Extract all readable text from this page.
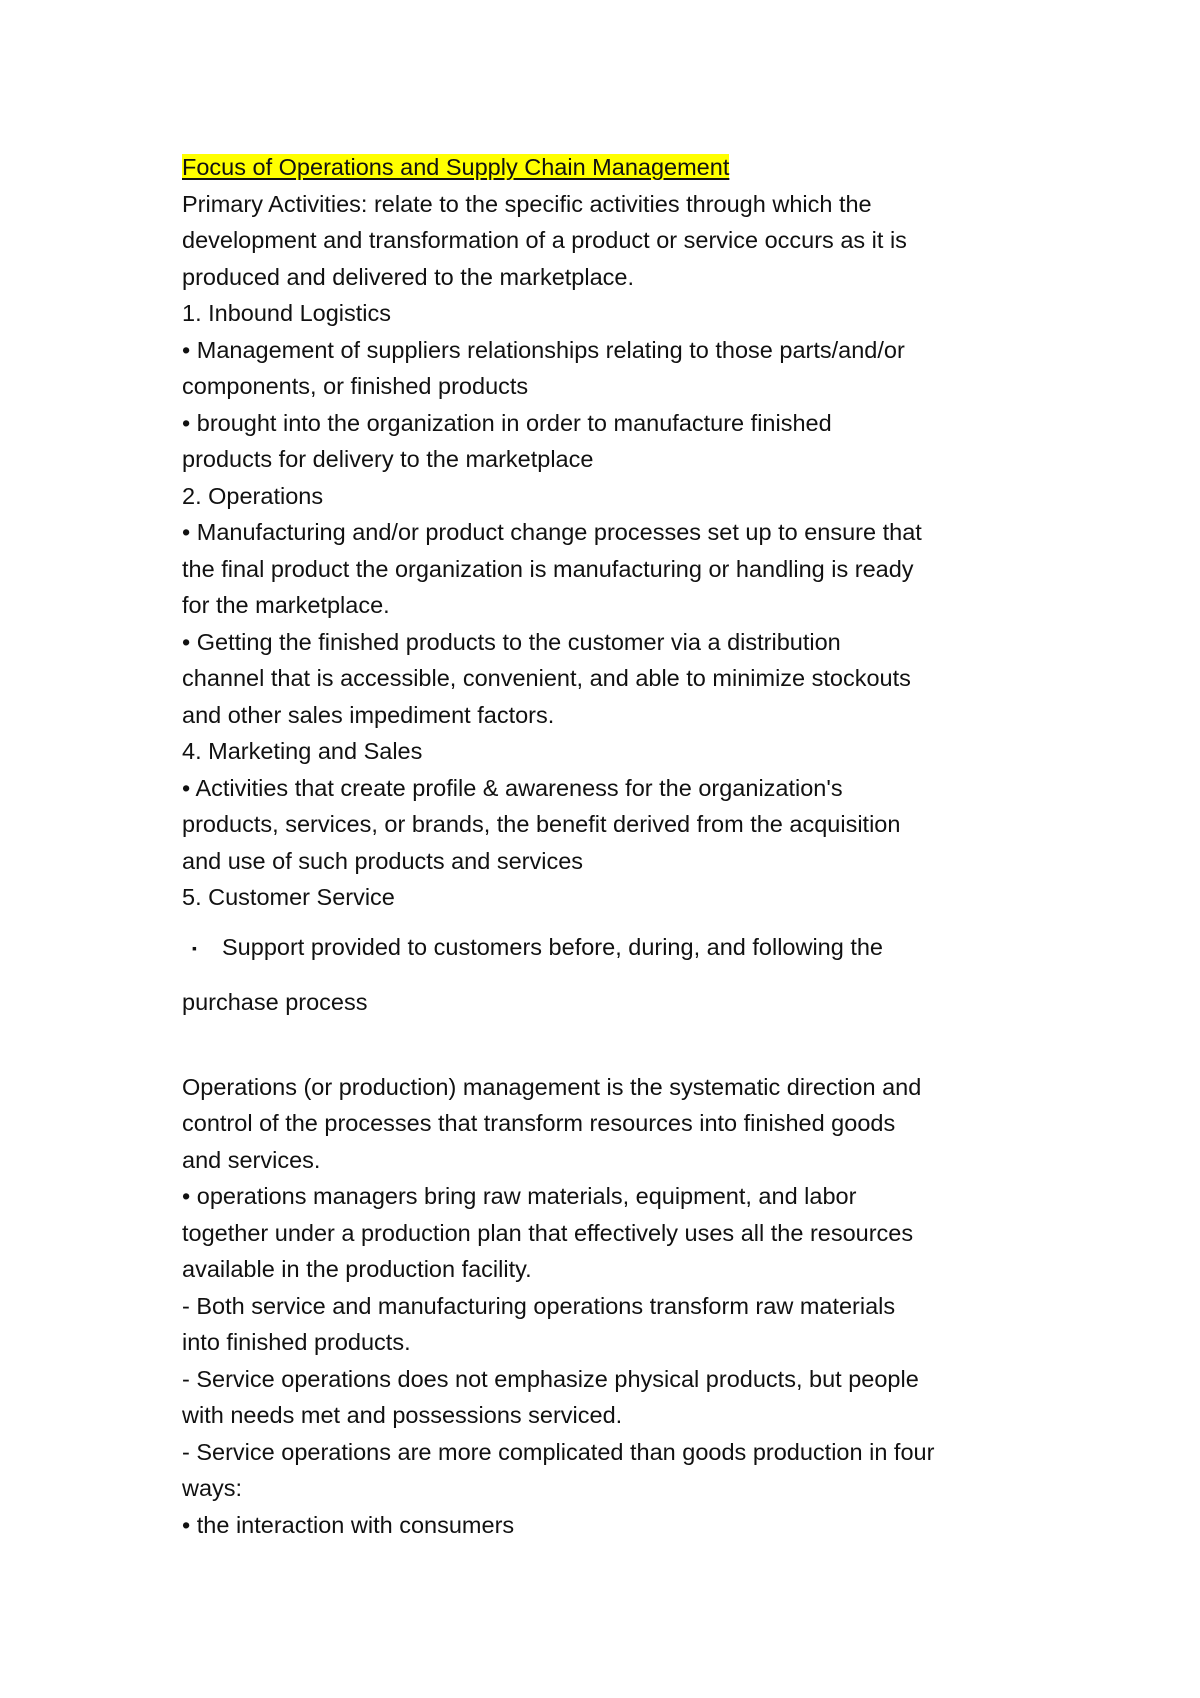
Focus of Operations and Supply Chain Management
Primary Activities: relate to the specific activities through which the
development and transformation of a product or service occurs as it is
produced and delivered to the marketplace.
1. Inbound Logistics
• Management of suppliers relationships relating to those parts/and/or
components, or finished products
• brought into the organization in order to manufacture finished
products for delivery to the marketplace
2. Operations
• Manufacturing and/or product change processes set up to ensure that
the final product the organization is manufacturing or handling is ready
for the marketplace.
• Getting the finished products to the customer via a distribution
channel that is accessible, convenient, and able to minimize stockouts
and other sales impediment factors.
4. Marketing and Sales
• Activities that create profile & awareness for the organization's
products, services, or brands, the benefit derived from the acquisition
and use of such products and services
5. Customer Service
▪ Support provided to customers before, during, and following the
purchase process
Operations (or production) management is the systematic direction and
control of the processes that transform resources into finished goods
and services.
• operations managers bring raw materials, equipment, and labor
together under a production plan that effectively uses all the resources
available in the production facility.
- Both service and manufacturing operations transform raw materials
into finished products.
- Service operations does not emphasize physical products, but people
with needs met and possessions serviced.
- Service operations are more complicated than goods production in four
ways:
• the interaction with consumers
